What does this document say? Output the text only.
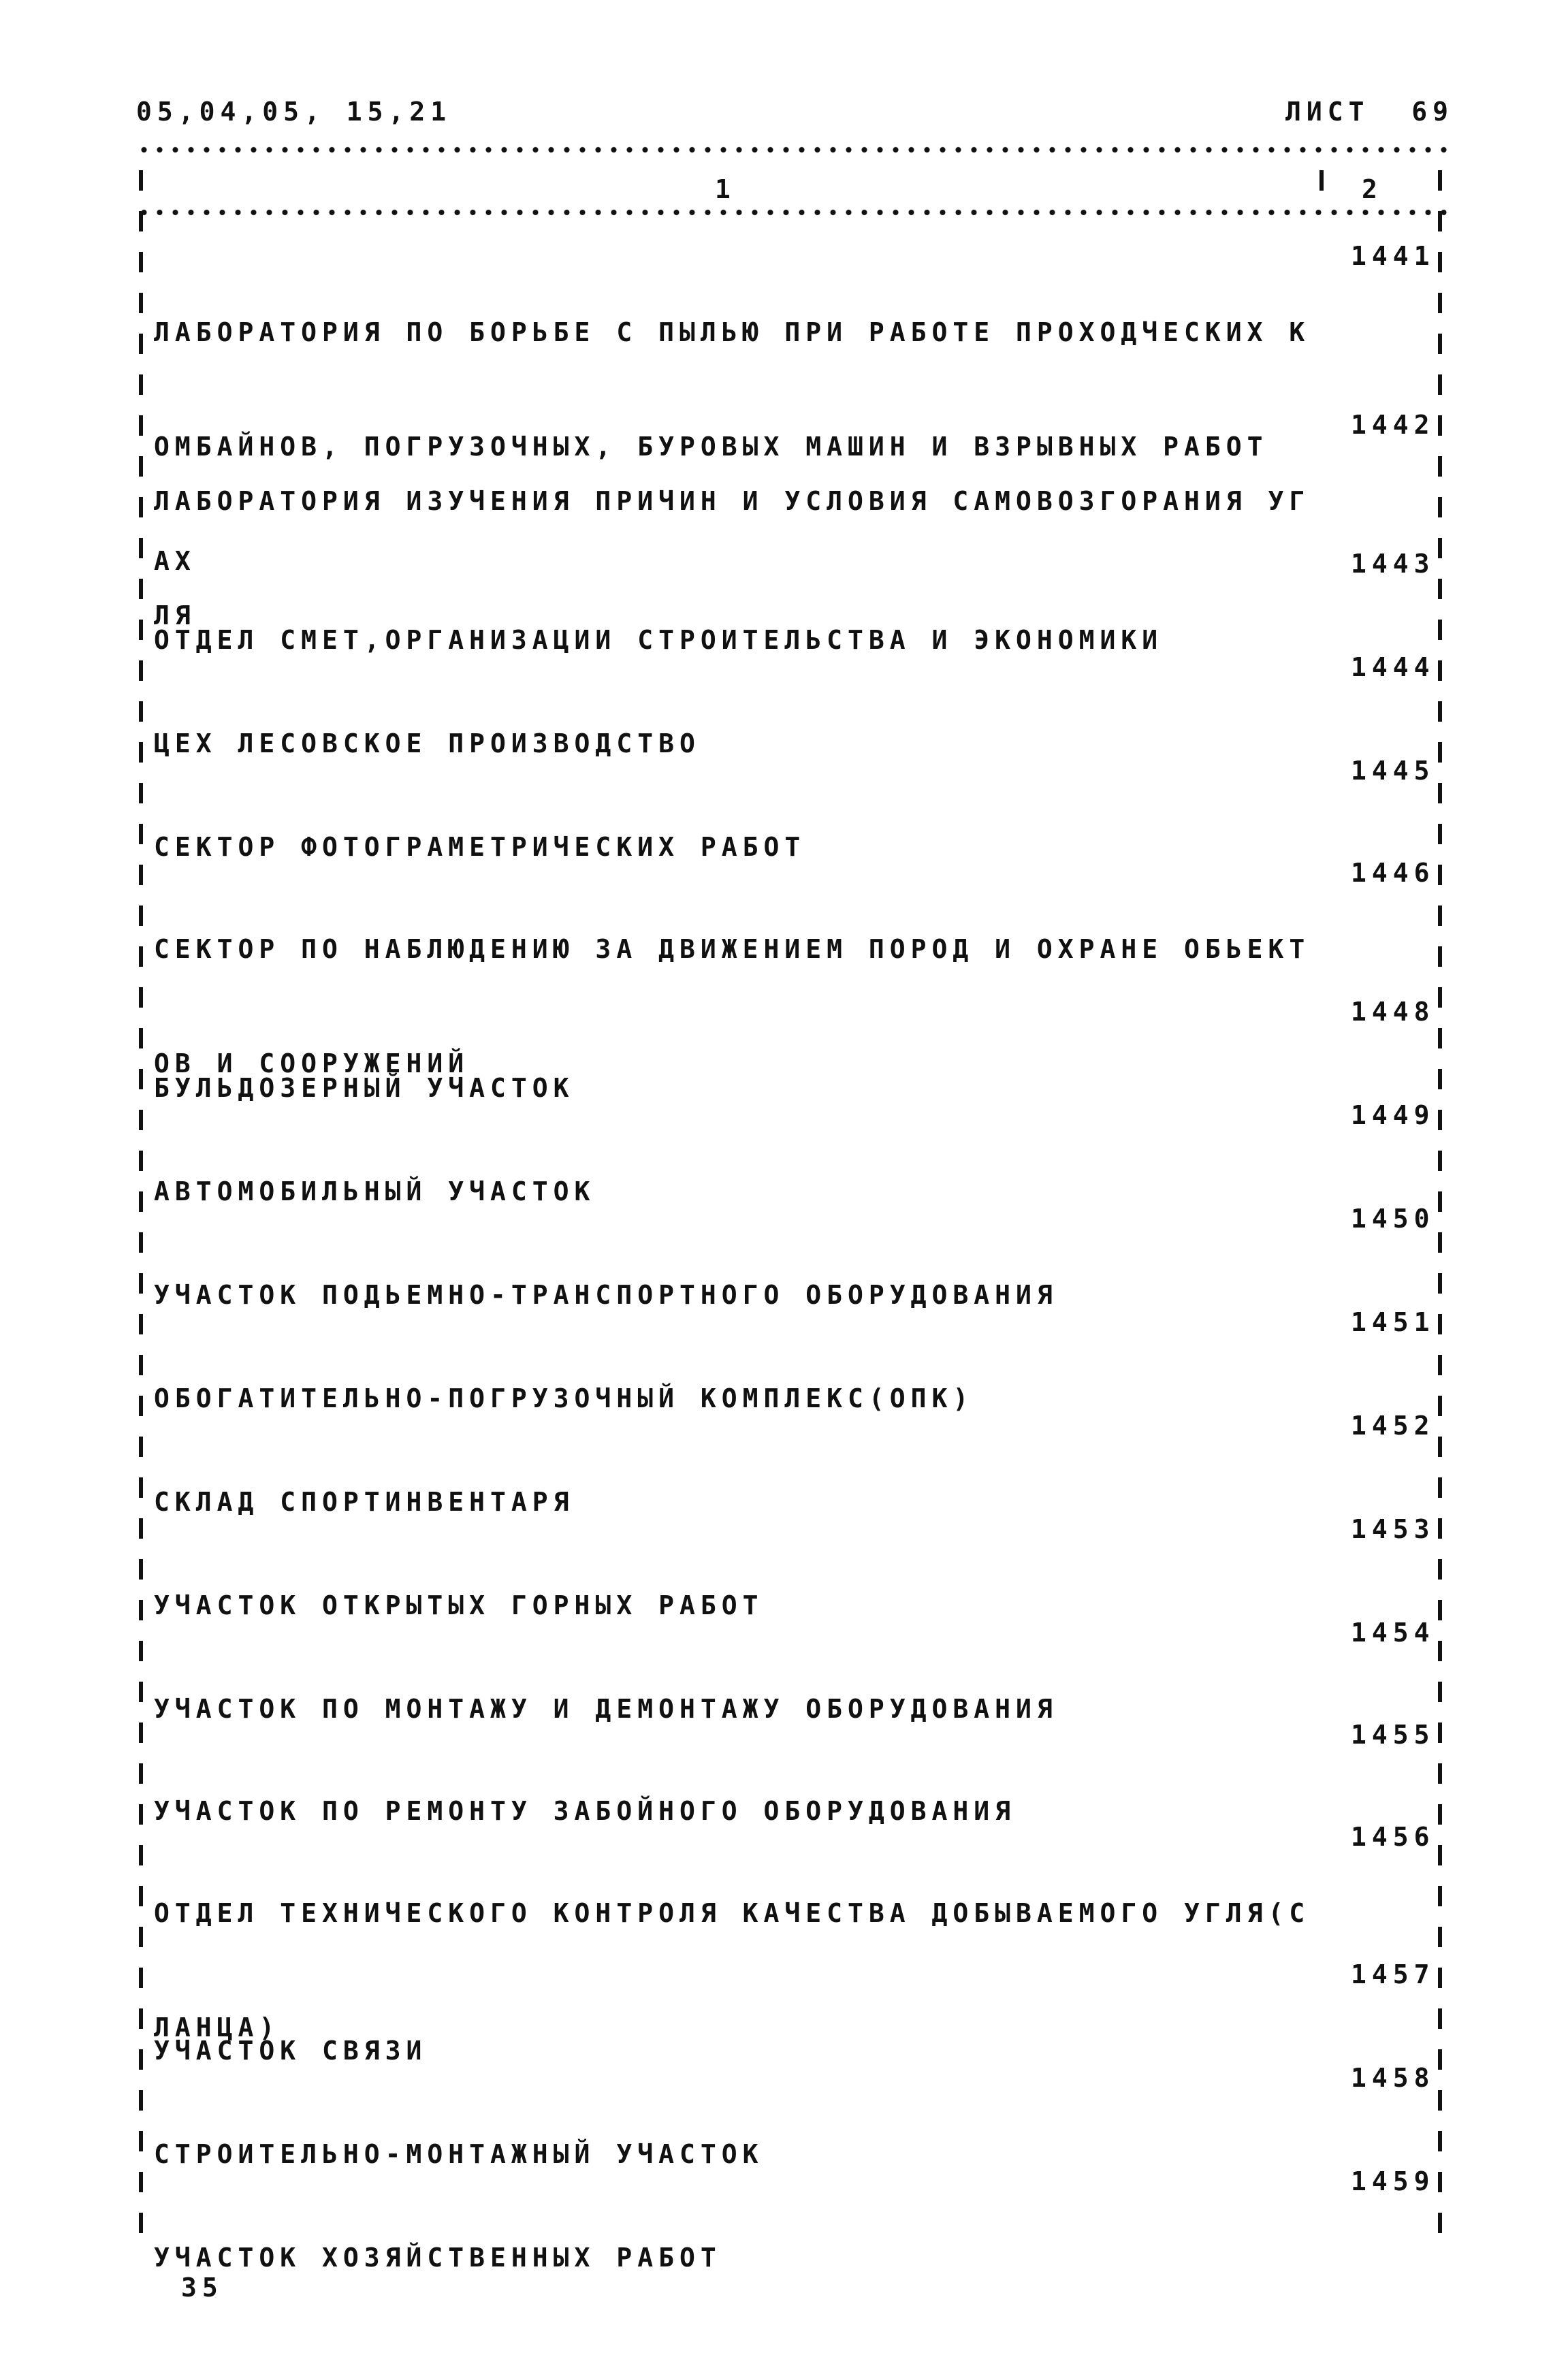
05,04,05, 15,21	ЛИСТ  69
1	2

ЛАБОРАТОРИЯ ПО БОРЬБЕ С ПЫЛЬЮ ПРИ РАБОТЕ ПРОХОДЧЕСКИХ К

ОМБАЙНОВ, ПОГРУЗОЧНЫХ, БУРОВЫХ МАШИН И ВЗРЫВНЫХ РАБОТ

АХ

1441

ЛАБОРАТОРИЯ ИЗУЧЕНИЯ ПРИЧИН И УСЛОВИЯ САМОВОЗГОРАНИЯ УГ

ЛЯ

1442

ОТДЕЛ СМЕТ,ОРГАНИЗАЦИИ СТРОИТЕЛЬСТВА И ЭКОНОМИКИ

1443

ЦЕХ ЛЕСОВСКОЕ ПРОИЗВОДСТВО

1444

СЕКТОР ФОТОГРАМЕТРИЧЕСКИХ РАБОТ

1445

СЕКТОР ПО НАБЛЮДЕНИЮ ЗА ДВИЖЕНИЕМ ПОРОД И ОХРАНЕ ОБЬЕКТ

ОВ И СООРУЖЕНИЙ

1446

БУЛЬДОЗЕРНЫЙ УЧАСТОК

1448

АВТОМОБИЛЬНЫЙ УЧАСТОК

1449

УЧАСТОК ПОДЬЕМНО-ТРАНСПОРТНОГО ОБОРУДОВАНИЯ

1450

ОБОГАТИТЕЛЬНО-ПОГРУЗОЧНЫЙ КОМПЛЕКС(ОПК)

1451

СКЛАД СПОРТИНВЕНТАРЯ

1452

УЧАСТОК ОТКРЫТЫХ ГОРНЫХ РАБОТ

1453

УЧАСТОК ПО МОНТАЖУ И ДЕМОНТАЖУ ОБОРУДОВАНИЯ

1454

УЧАСТОК ПО РЕМОНТУ ЗАБОЙНОГО ОБОРУДОВАНИЯ

1455

ОТДЕЛ ТЕХНИЧЕСКОГО КОНТРОЛЯ КАЧЕСТВА ДОБЫВАЕМОГО УГЛЯ(С

ЛАНЦА)

1456

УЧАСТОК СВЯЗИ

1457

СТРОИТЕЛЬНО-МОНТАЖНЫЙ УЧАСТОК

1458

УЧАСТОК ХОЗЯЙСТВЕННЫХ РАБОТ

1459
35
